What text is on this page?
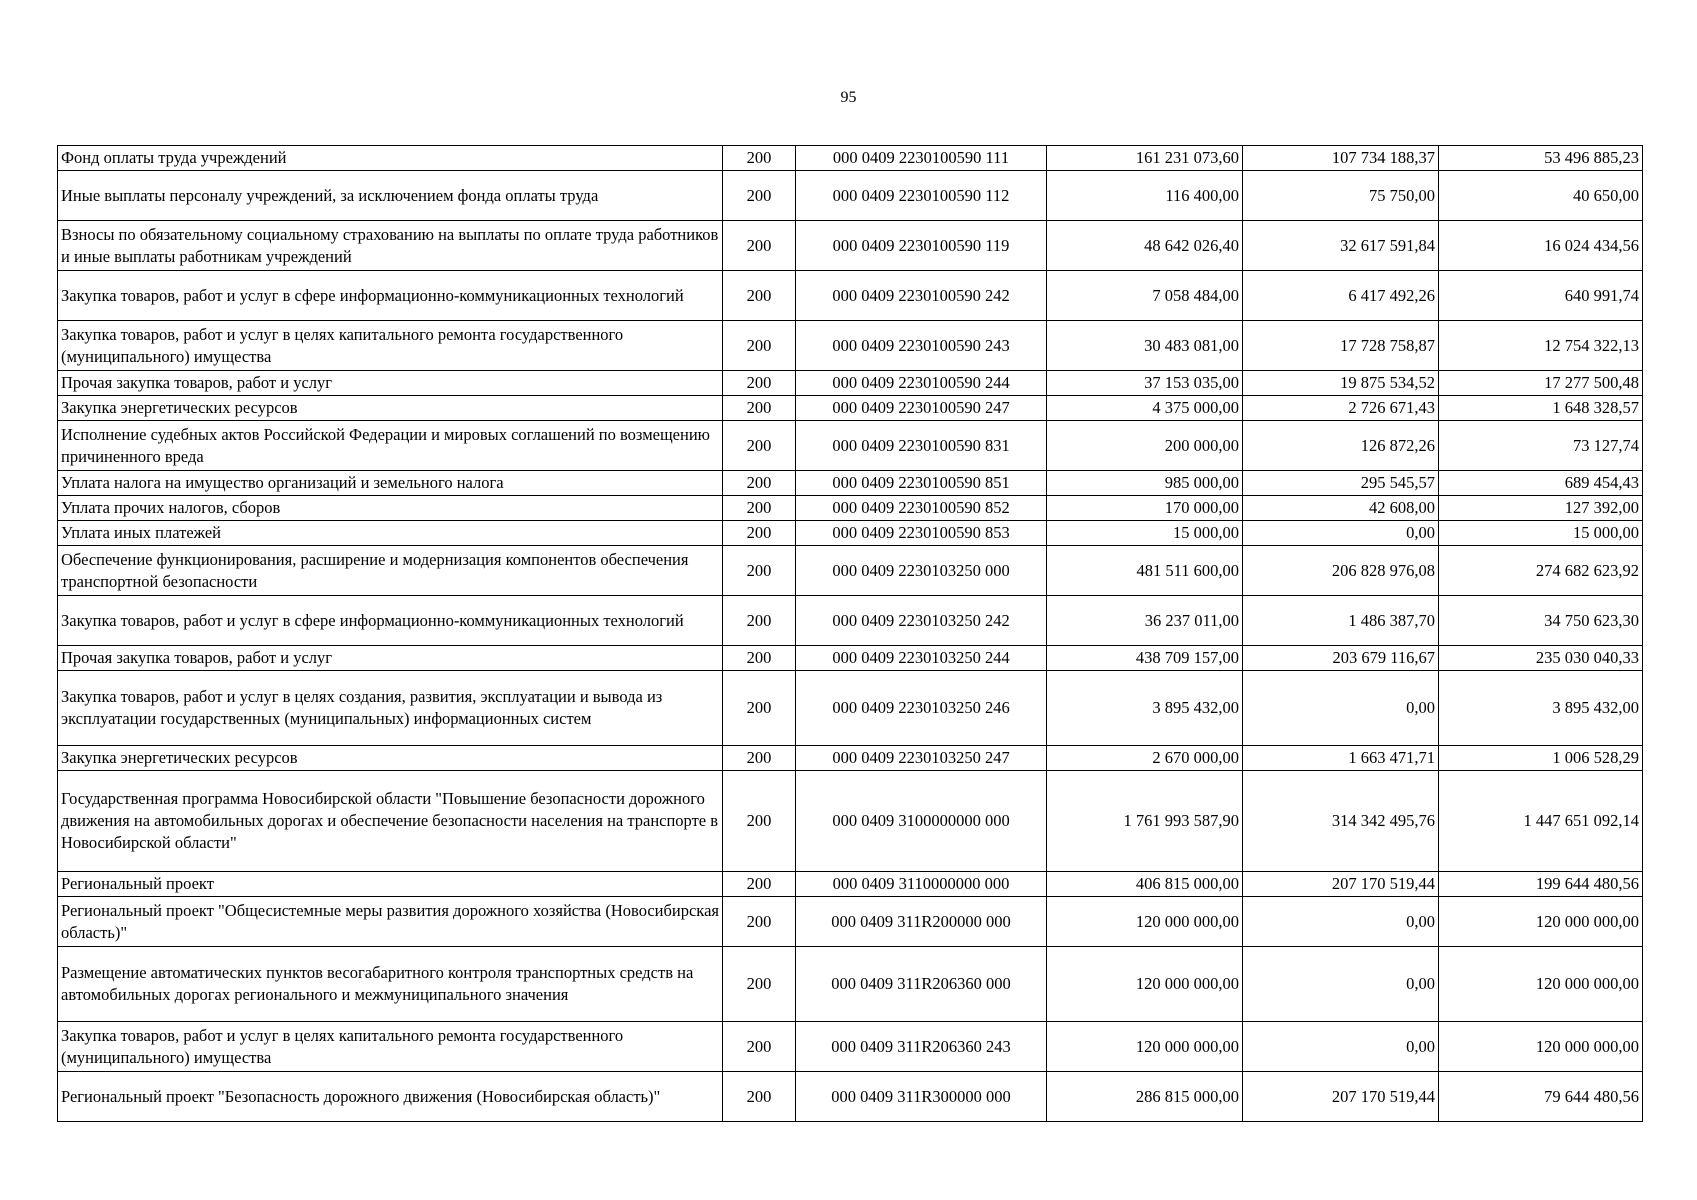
95
Фонд оплаты труда учреждений	200	000 0409 2230100590 111	161 231 073,60	107 734 188,37	53 496 885,23
Иные выплаты персоналу учреждений, за исключением фонда оплаты труда	200	000 0409 2230100590 112	116 400,00	75 750,00	40 650,00
Взносы по обязательному социальному страхованию на выплаты по оплате труда работников и иные выплаты работникам учреждений	200	000 0409 2230100590 119	48 642 026,40	32 617 591,84	16 024 434,56
Закупка товаров, работ и услуг в сфере информационно-коммуникационных технологий	200	000 0409 2230100590 242	7 058 484,00	6 417 492,26	640 991,74
Закупка товаров, работ и услуг в целях капитального ремонта государственного (муниципального) имущества	200	000 0409 2230100590 243	30 483 081,00	17 728 758,87	12 754 322,13
Прочая закупка товаров, работ и услуг	200	000 0409 2230100590 244	37 153 035,00	19 875 534,52	17 277 500,48
Закупка энергетических ресурсов	200	000 0409 2230100590 247	4 375 000,00	2 726 671,43	1 648 328,57
Исполнение судебных актов Российской Федерации и мировых соглашений по возмещению причиненного вреда	200	000 0409 2230100590 831	200 000,00	126 872,26	73 127,74
Уплата налога на имущество организаций и земельного налога	200	000 0409 2230100590 851	985 000,00	295 545,57	689 454,43
Уплата прочих налогов, сборов	200	000 0409 2230100590 852	170 000,00	42 608,00	127 392,00
Уплата иных платежей	200	000 0409 2230100590 853	15 000,00	0,00	15 000,00
Обеспечение функционирования, расширение и модернизация компонентов обеспечения транспортной безопасности	200	000 0409 2230103250 000	481 511 600,00	206 828 976,08	274 682 623,92
Закупка товаров, работ и услуг в сфере информационно-коммуникационных технологий	200	000 0409 2230103250 242	36 237 011,00	1 486 387,70	34 750 623,30
Прочая закупка товаров, работ и услуг	200	000 0409 2230103250 244	438 709 157,00	203 679 116,67	235 030 040,33
Закупка товаров, работ и услуг в целях создания, развития, эксплуатации и вывода из эксплуатации государственных (муниципальных) информационных систем	200	000 0409 2230103250 246	3 895 432,00	0,00	3 895 432,00
Закупка энергетических ресурсов	200	000 0409 2230103250 247	2 670 000,00	1 663 471,71	1 006 528,29
Государственная программа Новосибирской области "Повышение безопасности дорожного движения на автомобильных дорогах и обеспечение безопасности населения на транспорте в Новосибирской области"	200	000 0409 3100000000 000	1 761 993 587,90	314 342 495,76	1 447 651 092,14
Региональный проект	200	000 0409 3110000000 000	406 815 000,00	207 170 519,44	199 644 480,56
Региональный проект "Общесистемные меры развития дорожного хозяйства (Новосибирская область)"	200	000 0409 311R200000 000	120 000 000,00	0,00	120 000 000,00
Размещение автоматических пунктов весогабаритного контроля транспортных средств на автомобильных дорогах регионального и межмуниципального значения	200	000 0409 311R206360 000	120 000 000,00	0,00	120 000 000,00
Закупка товаров, работ и услуг в целях капитального ремонта государственного (муниципального) имущества	200	000 0409 311R206360 243	120 000 000,00	0,00	120 000 000,00
Региональный проект "Безопасность дорожного движения (Новосибирская область)"	200	000 0409 311R300000 000	286 815 000,00	207 170 519,44	79 644 480,56
